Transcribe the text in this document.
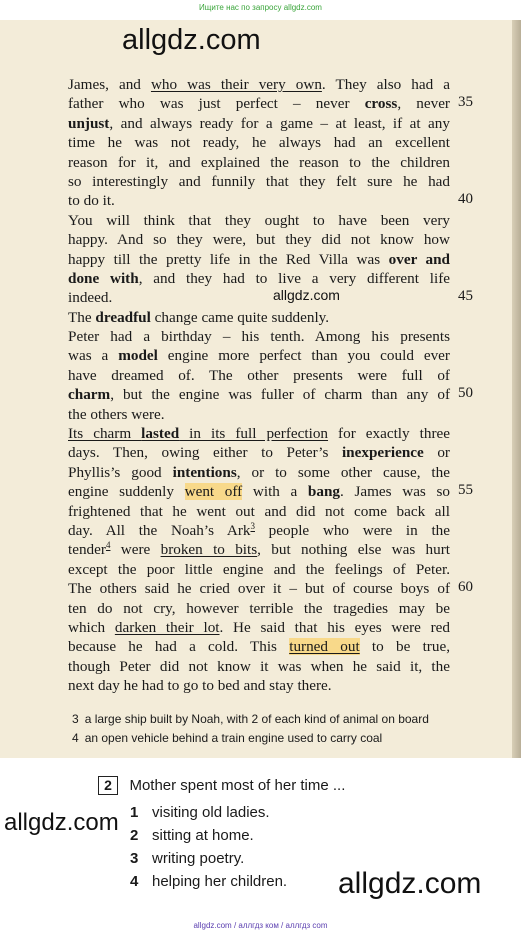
Ищите нас по запросу allgdz.com
James, and who was their very own. They also had a
father who was just perfect – never cross, never
unjust, and always ready for a game – at least, if at any
time he was not ready, he always had an excellent
reason for it, and explained the reason to the children
so interestingly and funnily that they felt sure he had
to do it.
You will think that they ought to have been very
happy. And so they were, but they did not know how
happy till the pretty life in the Red Villa was over and
done with, and they had to live a very different life
indeed.
The dreadful change came quite suddenly.
Peter had a birthday – his tenth. Among his presents
was a model engine more perfect than you could ever
have dreamed of. The other presents were full of
charm, but the engine was fuller of charm than any of
the others were.
Its charm lasted in its full perfection for exactly three
days. Then, owing either to Peter’s inexperience or
Phyllis’s good intentions, or to some other cause, the
engine suddenly went off with a bang. James was so
frightened that he went out and did not come back all
day. All the Noah’s Ark$^3$ people who were in the
tender$^4$ were broken to bits, but nothing else was hurt
except the poor little engine and the feelings of Peter.
The others said he cried over it – but of course boys of
ten do not cry, however terrible the tragedies may be
which darken their lot. He said that his eyes were red
because he had a cold. This turned out to be true,
though Peter did not know it was when he said it, the
next day he had to go to bed and stay there.
35
40
45
50
55
60
allgdz.com
allgdz.com
3 a large ship built by Noah, with 2 of each kind of animal on board
4 an open vehicle behind a train engine used to carry coal
2 Mother spent most of her time ...
1 visiting old ladies.
2 sitting at home.
3 writing poetry.
4 helping her children.
allgdz.com
allgdz.com
allgdz.com / аллгдз ком / аллгдз com
